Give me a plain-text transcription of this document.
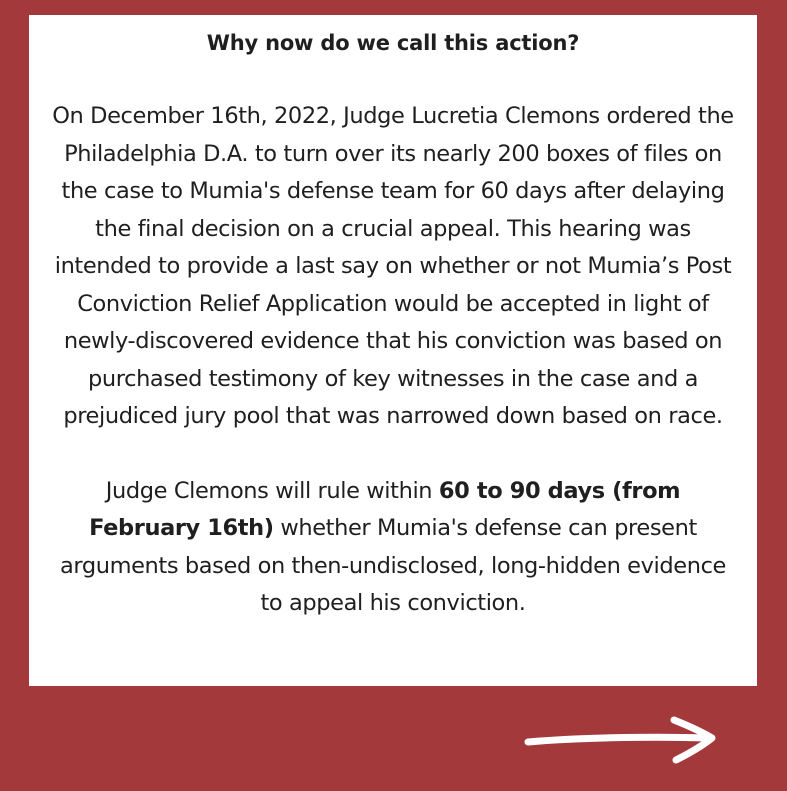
Why now do we call this action?

On December 16th, 2022, Judge Lucretia Clemons ordered the Philadelphia D.A. to turn over its nearly 200 boxes of files on the case to Mumia's defense team for 60 days after delaying the final decision on a crucial appeal. This hearing was intended to provide a last say on whether or not Mumia’s Post Conviction Relief Application would be accepted in light of newly-discovered evidence that his conviction was based on purchased testimony of key witnesses in the case and a prejudiced jury pool that was narrowed down based on race.

Judge Clemons will rule within 60 to 90 days (from February 16th) whether Mumia's defense can present arguments based on then-undisclosed, long-hidden evidence to appeal his conviction.
